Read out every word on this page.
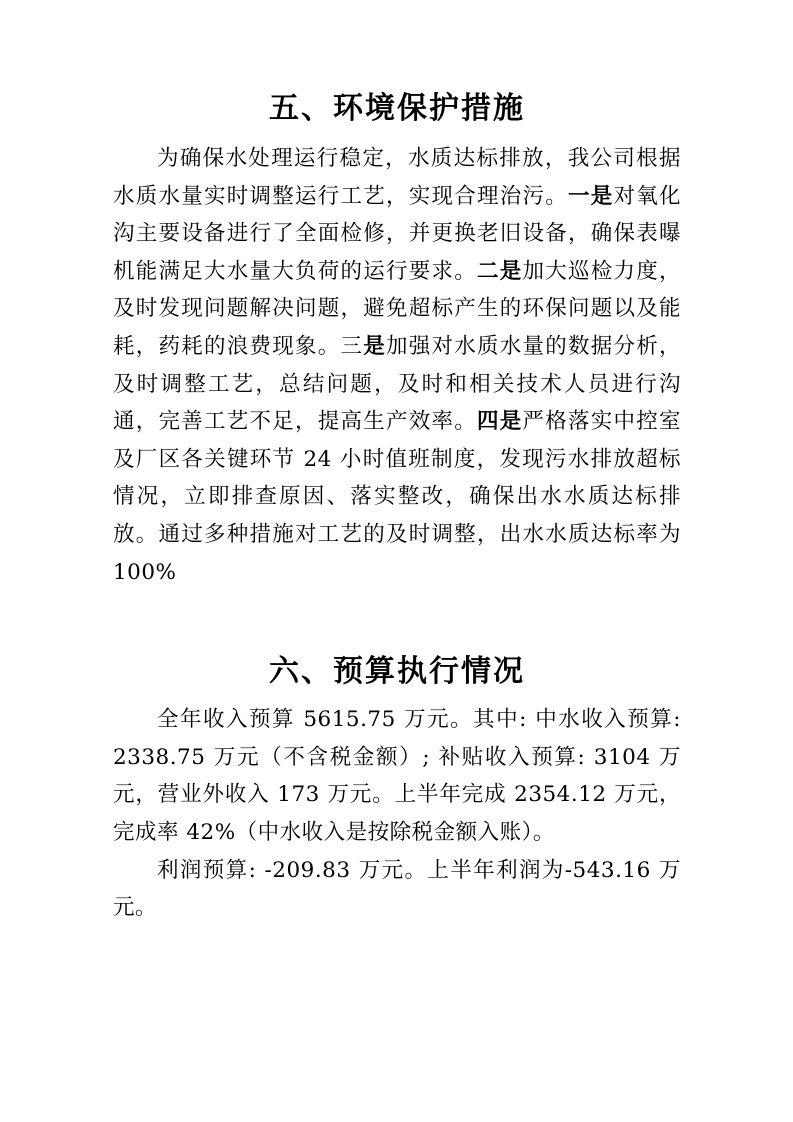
五、环境保护措施

为确保水处理运行稳定，水质达标排放，我公司根据水质水量实时调整运行工艺，实现合理治污。一是对氧化沟主要设备进行了全面检修，并更换老旧设备，确保表曝机能满足大水量大负荷的运行要求。二是加大巡检力度，及时发现问题解决问题，避免超标产生的环保问题以及能耗，药耗的浪费现象。三是加强对水质水量的数据分析，及时调整工艺，总结问题，及时和相关技术人员进行沟通，完善工艺不足，提高生产效率。四是严格落实中控室及厂区各关键环节 24 小时值班制度，发现污水排放超标情况，立即排查原因、落实整改，确保出水水质达标排放。通过多种措施对工艺的及时调整，出水水质达标率为 100%

六、预算执行情况

全年收入预算 5615.75 万元。其中: 中水收入预算: 2338.75 万元（不含税金额）; 补贴收入预算: 3104 万元，营业外收入 173 万元。上半年完成 2354.12 万元，完成率 42%（中水收入是按除税金额入账）。

利润预算: -209.83 万元。上半年利润为-543.16 万元。
